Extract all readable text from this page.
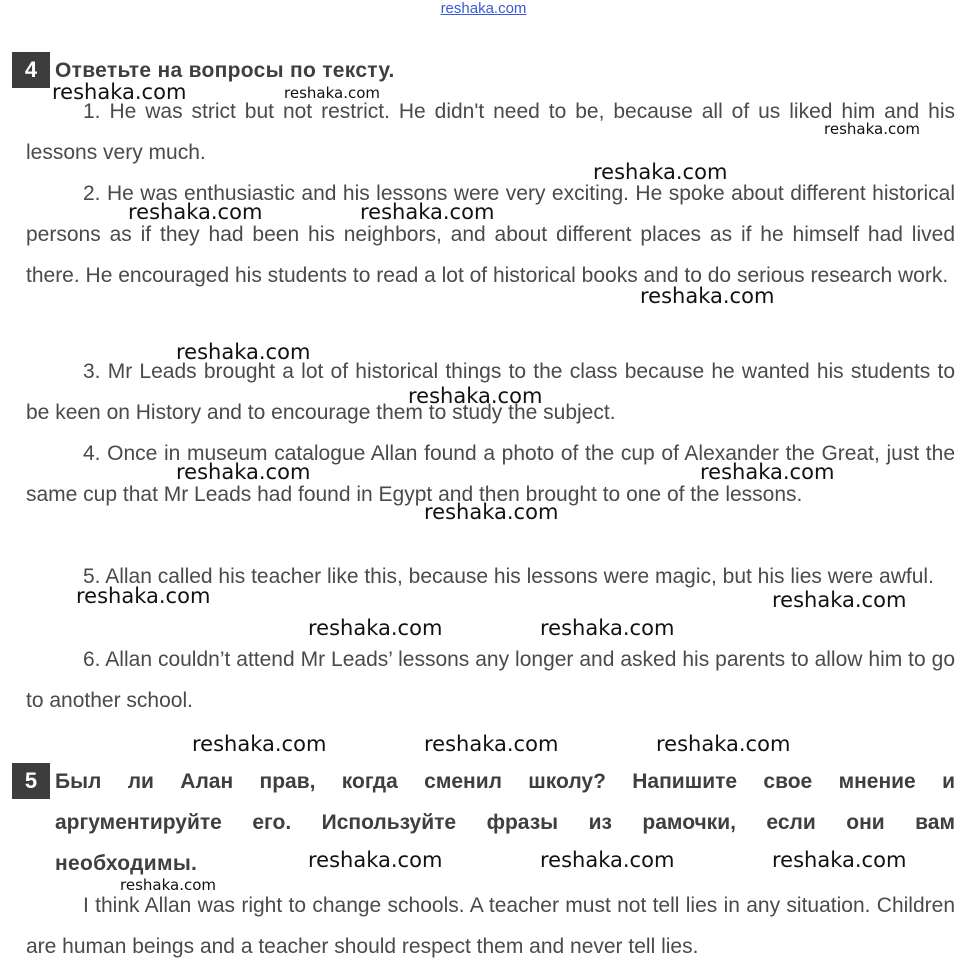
reshaka.com
4 Ответьте на вопросы по тексту.
1. He was strict but not restrict. He didn't need to be, because all of us liked him and his lessons very much.
2. He was enthusiastic and his lessons were very exciting. He spoke about different historical persons as if they had been his neighbors, and about different places as if he himself had lived there. He encouraged his students to read a lot of historical books and to do serious research work.
3. Mr Leads brought a lot of historical things to the class because he wanted his students to be keen on History and to encourage them to study the subject.
4. Once in museum catalogue Allan found a photo of the cup of Alexander the Great, just the same cup that Mr Leads had found in Egypt and then brought to one of the lessons.
5. Allan called his teacher like this, because his lessons were magic, but his lies were awful.
6. Allan couldn’t attend Mr Leads’ lessons any longer and asked his parents to allow him to go to another school.
5 Был ли Алан прав, когда сменил школу? Напишите свое мнение и
аргументируйте его. Используйте фразы из рамочки, если они вам
необходимы.
I think Allan was right to change schools. A teacher must not tell lies in any situation. Children are human beings and a teacher should respect them and never tell lies.
reshaka.com	reshaka.com
reshaka.com
reshaka.com
reshaka.com	reshaka.com
reshaka.com
reshaka.com
reshaka.com
reshaka.com	reshaka.com
reshaka.com
reshaka.com	reshaka.com
reshaka.com	reshaka.com
reshaka.com	reshaka.com	reshaka.com
reshaka.com	reshaka.com	reshaka.com
reshaka.com
